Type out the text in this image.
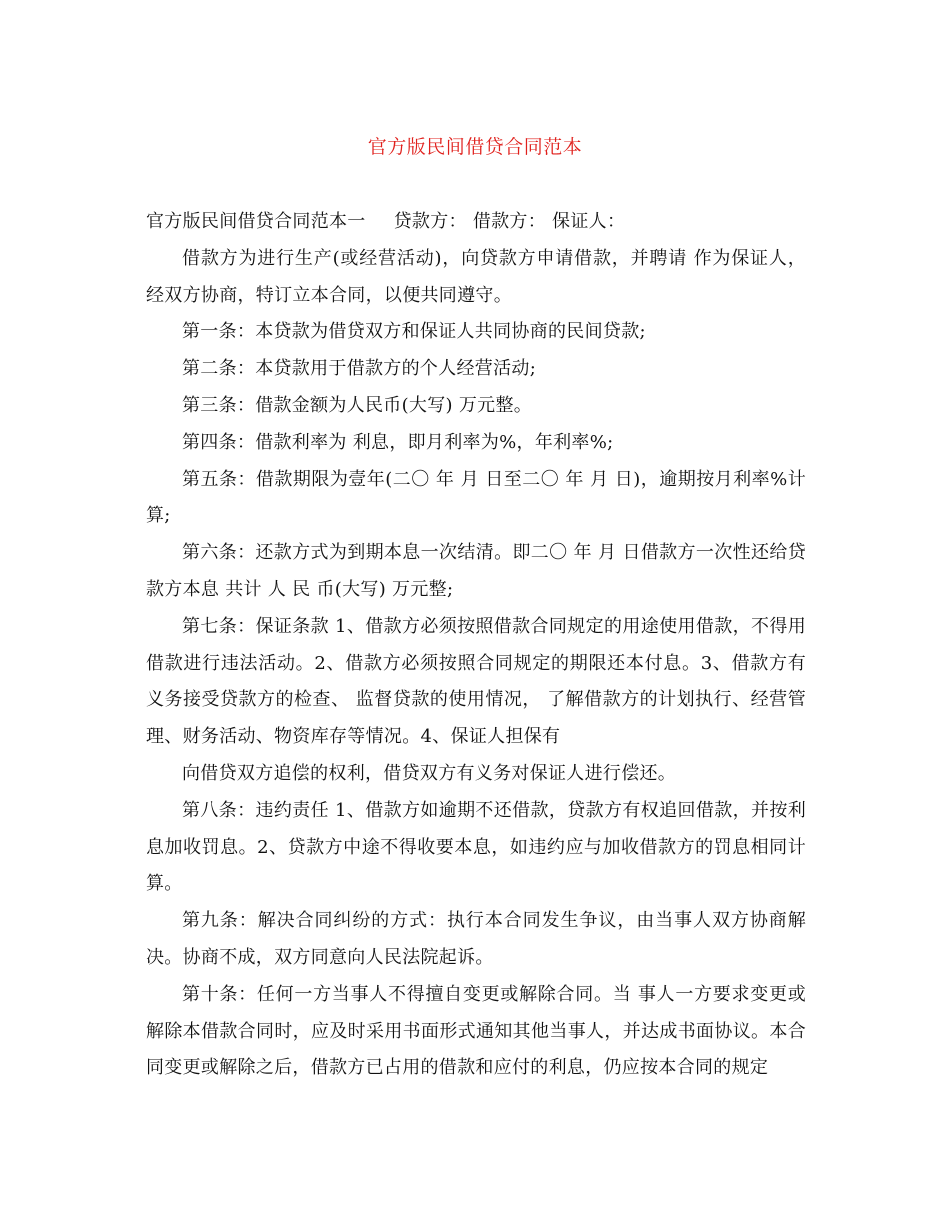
官方版民间借贷合同范本

官方版民间借贷合同范本一 贷款方： 借款方： 保证人：

借款方为进行生产(或经营活动)，向贷款方申请借款，并聘请 作为保证人，经双方协商，特订立本合同，以便共同遵守。

第一条：本贷款为借贷双方和保证人共同协商的民间贷款;

第二条：本贷款用于借款方的个人经营活动;

第三条：借款金额为人民币(大写) 万元整。

第四条：借款利率为 利息，即月利率为%，年利率%;

第五条：借款期限为壹年(二〇 年 月 日至二〇 年 月 日)，逾期按月利率%计算;

第六条：还款方式为到期本息一次结清。即二〇 年 月 日借款方一次性还给贷款方本息 共计 人 民 币(大写) 万元整;

第七条：保证条款 1、借款方必须按照借款合同规定的用途使用借款，不得用借款进行违法活动。2、借款方必须按照合同规定的期限还本付息。3、借款方有义务接受贷款方的检查、 监督贷款的使用情况， 了解借款方的计划执行、经营管理、财务活动、物资库存等情况。4、保证人担保有

向借贷双方追偿的权利，借贷双方有义务对保证人进行偿还。

第八条：违约责任 1、借款方如逾期不还借款，贷款方有权追回借款，并按利息加收罚息。2、贷款方中途不得收要本息，如违约应与加收借款方的罚息相同计算。

第九条：解决合同纠纷的方式：执行本合同发生争议，由当事人双方协商解决。协商不成，双方同意向人民法院起诉。

第十条：任何一方当事人不得擅自变更或解除合同。当 事人一方要求变更或解除本借款合同时，应及时采用书面形式通知其他当事人，并达成书面协议。本合同变更或解除之后，借款方已占用的借款和应付的利息，仍应按本合同的规定
